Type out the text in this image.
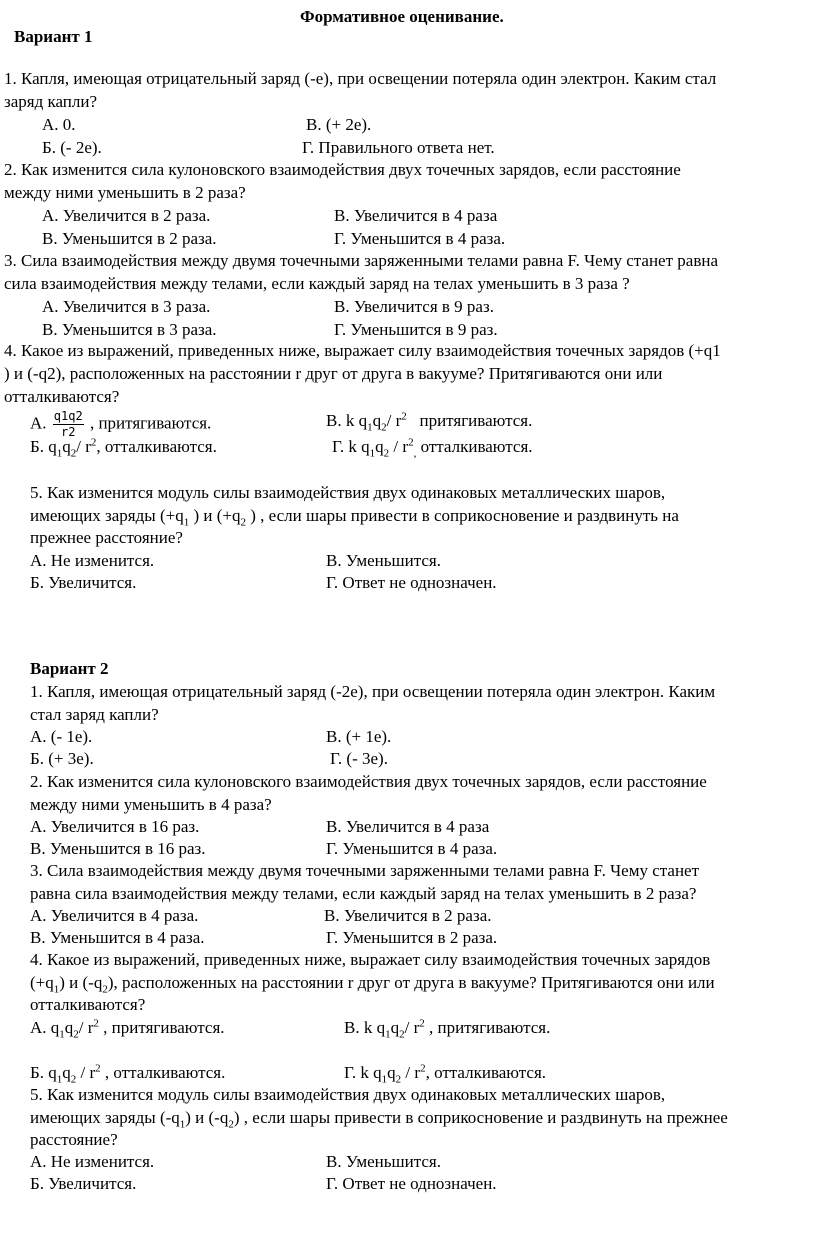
Формативное оценивание.
Вариант 1
1. Капля, имеющая отрицательный заряд (-е), при освещении потеряла один электрон. Каким стал
заряд капли?
А. 0.	В. (+ 2е).
Б. (- 2е).	Г. Правильного ответа нет.
2. Как изменится сила кулоновского взаимодействия двух точечных зарядов, если расстояние
между ними уменьшить в 2 раза?
А. Увеличится в 2 раза.	В. Увеличится в 4 раза
В. Уменьшится в 2 раза.	Г. Уменьшится в 4 раза.
3. Сила взаимодействия между двумя точечными заряженными телами равна F. Чему станет равна
сила взаимодействия между телами, если каждый заряд на телах уменьшить в 3 раза ?
А. Увеличится в 3 раза.	В. Увеличится в 9 раз.
В. Уменьшится в 3 раза.	Г. Уменьшится в 9 раз.
4. Какое из выражений, приведенных ниже, выражает силу взаимодействия точечных зарядов (+q1
) и (-q2), расположенных на расстоянии r друг от друга в вакууме? Притягиваются они или
отталкиваются?
А. $\frac{q1q2}{r2}$ , притягиваются.	В. k $q_1q_2/$ $r^2$ притягиваются.
Б. $q_1q_2/$ $r^2$, отталкиваются.	Г. k $q_1q_2 / r^2_,$ отталкиваются.
5. Как изменится модуль силы взаимодействия двух одинаковых металлических шаров,
имеющих заряды ($+q_1$ ) и ($+q_2$ ) , если шары привести в соприкосновение и раздвинуть на
прежнее расстояние?
А. Не изменится.	В. Уменьшится.
Б. Увеличится.	Г. Ответ не однозначен.
Вариант 2
1. Капля, имеющая отрицательный заряд (-2е), при освещении потеряла один электрон. Каким
стал заряд капли?
А. (- 1е).	В. (+ 1е).
Б. (+ 3е).	Г. (- 3е).
2. Как изменится сила кулоновского взаимодействия двух точечных зарядов, если расстояние
между ними уменьшить в 4 раза?
А. Увеличится в 16 раз.	В. Увеличится в 4 раза
В. Уменьшится в 16 раз.	Г. Уменьшится в 4 раза.
3. Сила взаимодействия между двумя точечными заряженными телами равна F. Чему станет
равна сила взаимодействия между телами, если каждый заряд на телах уменьшить в 2 раза?
А. Увеличится в 4 раза.	В. Увеличится в 2 раза.
В. Уменьшится в 4 раза.	Г. Уменьшится в 2 раза.
4. Какое из выражений, приведенных ниже, выражает силу взаимодействия точечных зарядов
$(+q_1)$ и $(-q_2)$, расположенных на расстоянии r друг от друга в вакууме? Притягиваются они или
отталкиваются?
А. $q_1q_2/$ $r^2$ , притягиваются.	В. k $q_1q_2/$ $r^2$ , притягиваются.
Б. $q_1q_2 / r^2$ , отталкиваются.	Г. k $q_1q_2 / r^2$, отталкиваются.
5. Как изменится модуль силы взаимодействия двух одинаковых металлических шаров,
имеющих заряды $(-q_1)$ и $(-q_2)$ , если шары привести в соприкосновение и раздвинуть на прежнее
расстояние?
А. Не изменится.	В. Уменьшится.
Б. Увеличится.	Г. Ответ не однозначен.
